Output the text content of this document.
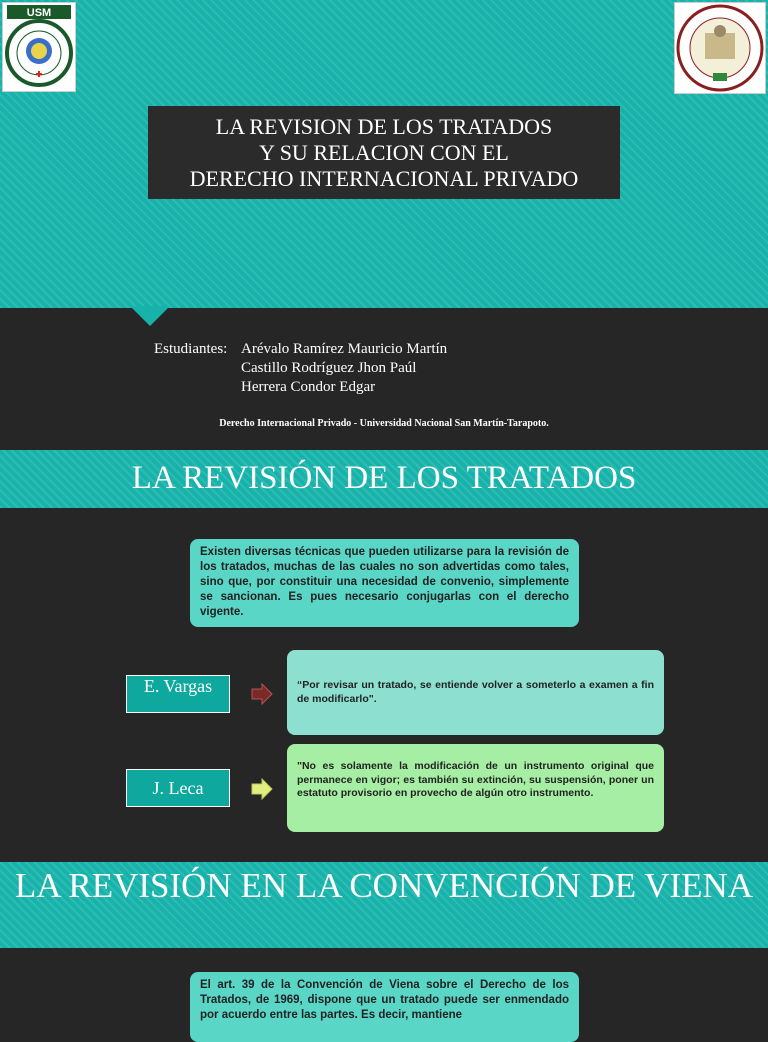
USM
LA REVISION DE LOS TRATADOS
Y SU RELACION CON EL
DERECHO INTERNACIONAL PRIVADO
Estudiantes: Arévalo Ramírez Mauricio Martín
Castillo Rodríguez Jhon Paúl
Herrera Condor Edgar
Derecho Internacional Privado - Universidad Nacional San Martín-Tarapoto.
LA REVISIÓN DE LOS TRATADOS
Existen diversas técnicas que pueden utilizarse para la revisión de los tratados, muchas de las cuales no son advertidas como tales, sino que, por constituir una necesidad de convenio, simplemente se sancionan. Es pues necesario conjugarlas con el derecho vigente.
E. Vargas	“Por revisar un tratado, se entiende volver a someterlo a examen a fin de modificarlo".
J. Leca
"No es solamente la modificación de un instrumento original que permanece en vigor; es también su extinción, su suspensión, poner un estatuto provisorio en provecho de algún otro instrumento.
LA REVISIÓN EN LA CONVENCIÓN DE VIENA
El art. 39 de la Convención de Viena sobre el Derecho de los Tratados, de 1969, dispone que un tratado puede ser enmendado por acuerdo entre las partes. Es decir, mantiene
